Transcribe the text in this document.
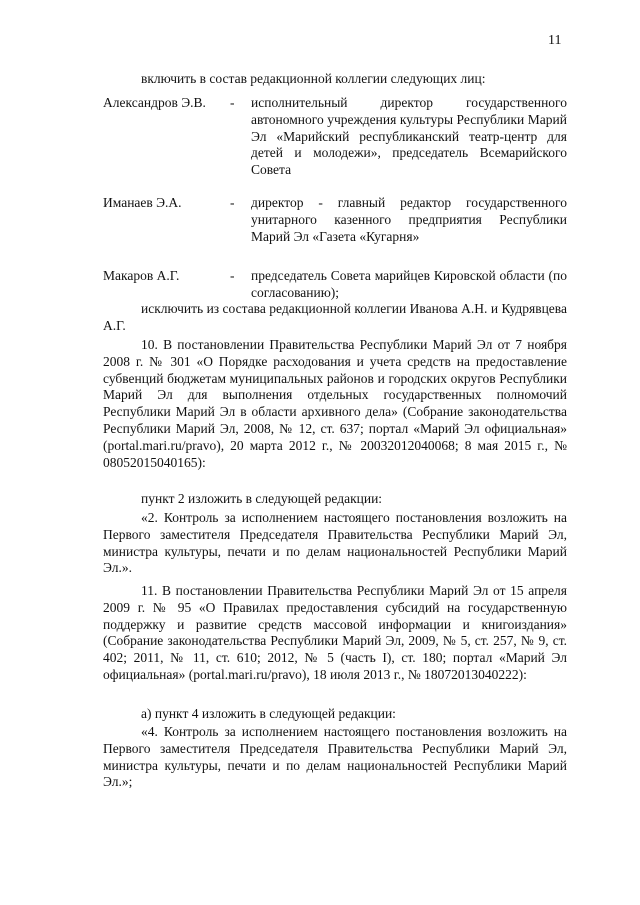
11

включить в состав редакционной коллегии следующих лиц:

Александров Э.В. - исполнительный директор государственного автономного учреждения культуры Республики Марий Эл «Марийский республиканский театр-центр для детей и молодежи», председатель Всемарийского Совета
Иманаев Э.А.	- директор - главный редактор государственного унитарного казенного предприятия Республики Марий Эл «Газета «Кугарня»
Макаров А.Г.	- председатель Совета марийцев Кировской области (по согласованию);

исключить из состава редакционной коллегии Иванова А.Н. и Кудрявцева А.Г.

10. В постановлении Правительства Республики Марий Эл от 7 ноября 2008 г. № 301 «О Порядке расходования и учета средств на предоставление субвенций бюджетам муниципальных районов и городских округов Республики Марий Эл для выполнения отдельных государственных полномочий Республики Марий Эл в области архивного дела» (Собрание законодательства Республики Марий Эл, 2008, № 12, ст. 637; портал «Марий Эл официальная» (portal.mari.ru/pravo), 20 марта 2012 г., № 20032012040068; 8 мая 2015 г., № 08052015040165):

пункт 2 изложить в следующей редакции:

«2. Контроль за исполнением настоящего постановления возложить на Первого заместителя Председателя Правительства Республики Марий Эл, министра культуры, печати и по делам национальностей Республики Марий Эл.».

11. В постановлении Правительства Республики Марий Эл от 15 апреля 2009 г. № 95 «О Правилах предоставления субсидий на государственную поддержку и развитие средств массовой информации и книгоиздания» (Собрание законодательства Республики Марий Эл, 2009, № 5, ст. 257, № 9, ст. 402; 2011, № 11, ст. 610; 2012, № 5 (часть I), ст. 180; портал «Марий Эл официальная» (portal.mari.ru/pravo), 18 июля 2013 г., № 18072013040222):

а) пункт 4 изложить в следующей редакции:

«4. Контроль за исполнением настоящего постановления возложить на Первого заместителя Председателя Правительства Республики Марий Эл, министра культуры, печати и по делам национальностей Республики Марий Эл.»;
